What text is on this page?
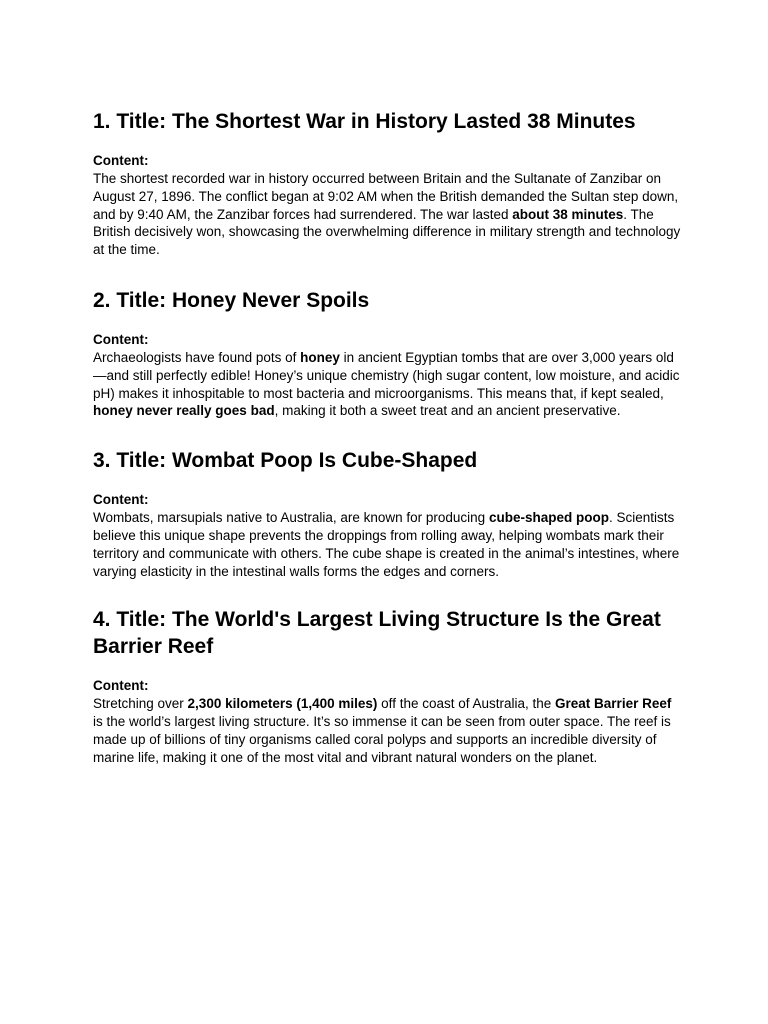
1. Title: The Shortest War in History Lasted 38 Minutes
Content:

The shortest recorded war in history occurred between Britain and the Sultanate of Zanzibar on August 27, 1896. The conflict began at 9:02 AM when the British demanded the Sultan step down, and by 9:40 AM, the Zanzibar forces had surrendered. The war lasted about 38 minutes. The British decisively won, showcasing the overwhelming difference in military strength and technology at the time.

2. Title: Honey Never Spoils
Content:

Archaeologists have found pots of honey in ancient Egyptian tombs that are over 3,000 years old—and still perfectly edible! Honey’s unique chemistry (high sugar content, low moisture, and acidic pH) makes it inhospitable to most bacteria and microorganisms. This means that, if kept sealed, honey never really goes bad, making it both a sweet treat and an ancient preservative.

3. Title: Wombat Poop Is Cube-Shaped
Content:

Wombats, marsupials native to Australia, are known for producing cube-shaped poop. Scientists believe this unique shape prevents the droppings from rolling away, helping wombats mark their territory and communicate with others. The cube shape is created in the animal’s intestines, where varying elasticity in the intestinal walls forms the edges and corners.

4. Title: The World's Largest Living Structure Is the Great Barrier Reef
Content:

Stretching over 2,300 kilometers (1,400 miles) off the coast of Australia, the Great Barrier Reef is the world’s largest living structure. It’s so immense it can be seen from outer space. The reef is made up of billions of tiny organisms called coral polyps and supports an incredible diversity of marine life, making it one of the most vital and vibrant natural wonders on the planet.
